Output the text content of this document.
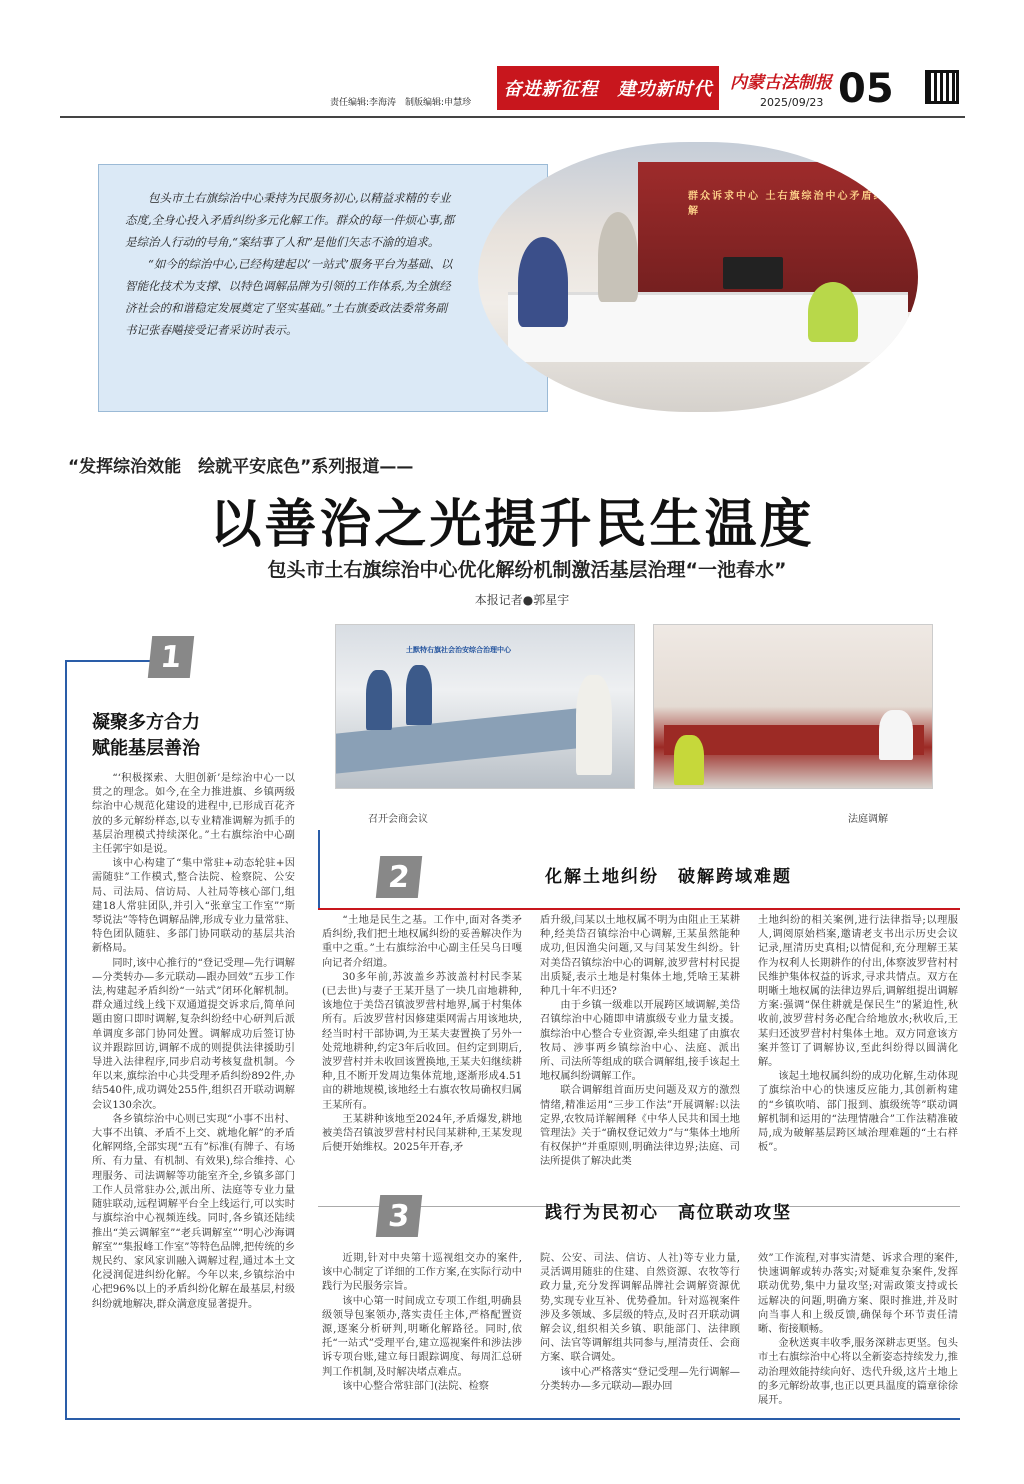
责任编辑:李海涛　制版编辑:申慧珍
奋进新征程　建功新时代	内蒙古法制报
2025/09/23 05

包头市土右旗综治中心秉持为民服务初心,以精益求精的专业态度,全身心投入矛盾纠纷多元化解工作。群众的每一件烦心事,都是综治人行动的号角,“案结事了人和”是他们矢志不渝的追求。

“如今的综治中心,已经构建起以‘一站式’服务平台为基础、以智能化技术为支撑、以特色调解品牌为引领的工作体系,为全旗经济社会的和谐稳定发展奠定了坚实基础。”土右旗委政法委常务副书记张春飚接受记者采访时表示。

群众诉求中心 土右旗综治中心矛盾纠纷调解
“发挥综治效能　绘就平安底色”系列报道——
以善治之光提升民生温度
包头市土右旗综治中心优化解纷机制激活基层治理“一池春水”
本报记者●郭星宇
土默特右旗社会治安综合治理中心
召开会商会议	法庭调解
1
凝聚多方合力
赋能基层善治

“‘积极探索、大胆创新’是综治中心一以贯之的理念。如今,在全力推进旗、乡镇两级综治中心规范化建设的进程中,已形成百花齐放的多元解纷样态,以专业精准调解为抓手的基层治理模式持续深化。”土右旗综治中心副主任郭宇如是说。

该中心构建了“集中常驻+动态轮驻+因需随驻”工作模式,整合法院、检察院、公安局、司法局、信访局、人社局等核心部门,组建18人常驻团队,并引入“张章宝工作室”“斯琴说法”等特色调解品牌,形成专业力量常驻、特色团队随驻、多部门协同联动的基层共治新格局。

同时,该中心推行的“登记受理—先行调解—分类转办—多元联动—跟办回效”五步工作法,构建起矛盾纠纷“一站式”闭环化解机制。群众通过线上线下双通道提交诉求后,简单问题由窗口即时调解,复杂纠纷经中心研判后派单调度多部门协同处置。调解成功后签订协议并跟踪回访,调解不成的则提供法律援助引导进入法律程序,同步启动考核复盘机制。今年以来,旗综治中心共受理矛盾纠纷892件,办结540件,成功调处255件,组织召开联动调解会议130余次。

各乡镇综治中心则已实现“小事不出村、大事不出镇、矛盾不上交、就地化解”的矛盾化解网络,全部实现“五有”标准(有牌子、有场所、有力量、有机制、有效果),综合维持、心理服务、司法调解等功能室齐全,乡镇多部门工作人员常驻办公,派出所、法庭等专业力量随驻联动,远程调解平台全上线运行,可以实时与旗综治中心视频连线。同时,各乡镇还陆续推出“美云调解室”“老兵调解室”“明心沙海调解室”“集报峰工作室”等特色品牌,把传统的乡规民约、家风家训融入调解过程,通过本土文化浸润促进纠纷化解。今年以来,乡镇综治中心把96%以上的矛盾纠纷化解在最基层,村级纠纷就地解决,群众满意度显著提升。

2	化解土地纠纷　破解跨域难题

“土地是民生之基。工作中,面对各类矛盾纠纷,我们把土地权属纠纷的妥善解决作为重中之重。”土右旗综治中心副主任吴乌日嘎向记者介绍道。

30多年前,苏波盖乡苏波盖村村民李某(已去世)与妻子王某开垦了一块几亩地耕种,该地位于美岱召镇波罗营村地界,属于村集体所有。后波罗营村因修建渠网需占用该地块,经当时村干部协调,为王某夫妻置换了另外一处荒地耕种,约定3年后收回。但约定到期后,波罗营村并未收回该置换地,王某夫妇继续耕种,且不断开发周边集体荒地,逐渐形成4.51亩的耕地规模,该地经土右旗农牧局确权归属王某所有。

王某耕种该地至2024年,矛盾爆发,耕地被美岱召镇波罗营村村民闫某耕种,王某发现后便开始维权。2025年开春,矛

盾升级,闫某以土地权属不明为由阻止王某耕种,经美岱召镇综治中心调解,王某虽然能种成功,但因渔尖问题,又与闫某发生纠纷。针对美岱召镇综治中心的调解,波罗营村村民提出质疑,表示土地是村集体土地,凭啥王某耕种几十年不归还?

由于乡镇一级难以开展跨区域调解,美岱召镇综治中心随即申请旗级专业力量支援。旗综治中心整合专业资源,牵头组建了由旗农牧局、涉事两乡镇综治中心、法庭、派出所、司法所等组成的联合调解组,接手该起土地权属纠纷调解工作。

联合调解组首面历史问题及双方的激烈情绪,精准运用“三步工作法”开展调解:以法定界,农牧局详解阐释《中华人民共和国土地管理法》关于“确权登记效力”与“集体土地所有权保护”并重原则,明确法律边界;法庭、司法所提供了解决此类

土地纠纷的相关案例,进行法律指导;以理服人,调阅原始档案,邀请老支书出示历史会议记录,厘清历史真相;以情促和,充分理解王某作为权利人长期耕作的付出,体察波罗营村村民维护集体权益的诉求,寻求共情点。双方在明晰土地权属的法律边界后,调解组提出调解方案:强调“保住耕就是保民生”的紧迫性,秋收前,波罗营村务必配合给地放水;秋收后,王某归还波罗营村村集体土地。双方同意该方案并签订了调解协议,至此纠纷得以圆满化解。

该起土地权属纠纷的成功化解,生动体现了旗综治中心的快速反应能力,其创新构建的“乡镇吹哨、部门报到、旗级统等”联动调解机制和运用的“法理情融合”工作法精准破局,成为破解基层跨区域治理难题的“土右样板”。

3	践行为民初心　高位联动攻坚

近期,针对中央第十巡视组交办的案件,该中心制定了详细的工作方案,在实际行动中践行为民服务宗旨。

该中心第一时间成立专项工作组,明确县级领导包案领办,落实责任主体,严格配置资源,逐案分析研判,明晰化解路径。同时,依托“一站式”受理平台,建立巡视案件和涉法涉诉专项台账,建立每日跟踪调度、每周汇总研判工作机制,及时解决堵点难点。

该中心整合常驻部门(法院、检察

院、公安、司法、信访、人社)等专业力量,灵活调用随驻的住建、自然资源、农牧等行政力量,充分发挥调解品牌社会调解资源优势,实现专业互补、优势叠加。针对巡视案件涉及多领域、多层级的特点,及时召开联动调解会议,组织相关乡镇、职能部门、法律顾问、法官等调解组共同参与,厘清责任、会商方案、联合调处。

该中心严格落实“登记受理—先行调解—分类转办—多元联动—跟办回

效”工作流程,对事实清楚、诉求合理的案件,快速调解或转办落实;对疑难复杂案件,发挥联动优势,集中力量攻坚;对需政策支持或长远解决的问题,明确方案、限时推进,并及时向当事人和上级反馈,确保每个环节责任清晰、衔接顺畅。

金秋送爽丰收季,服务深耕志更坚。包头市土右旗综治中心将以全新姿态持续发力,推动治理效能持续向好、迭代升级,这片土地上的多元解纷故事,也正以更具温度的篇章徐徐展开。
